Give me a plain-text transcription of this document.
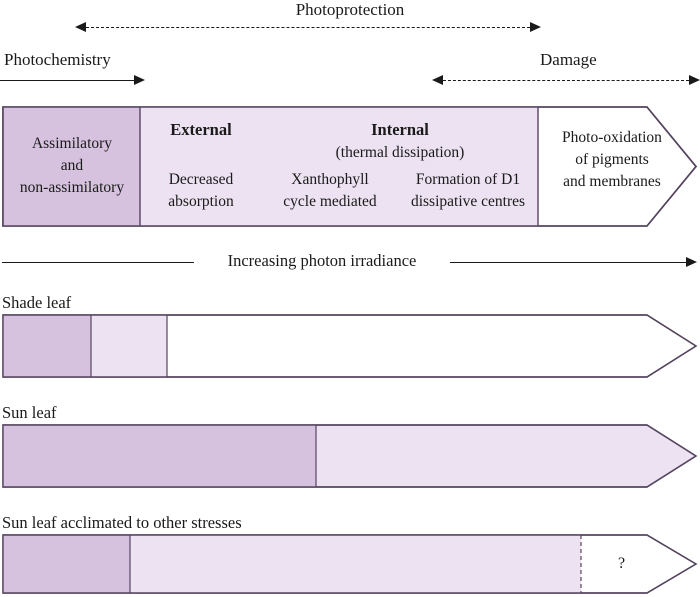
Photoprotection
Photochemistry	Damage
Assimilatory
and
non-assimilatory
External
Decreased
absorption
Internal
(thermal dissipation)
Xanthophyll
cycle mediated
Formation of D1
dissipative centres
Photo-oxidation
of pigments
and membranes
Increasing photon irradiance
Shade leaf
Sun leaf
Sun leaf acclimated to other stresses
?
